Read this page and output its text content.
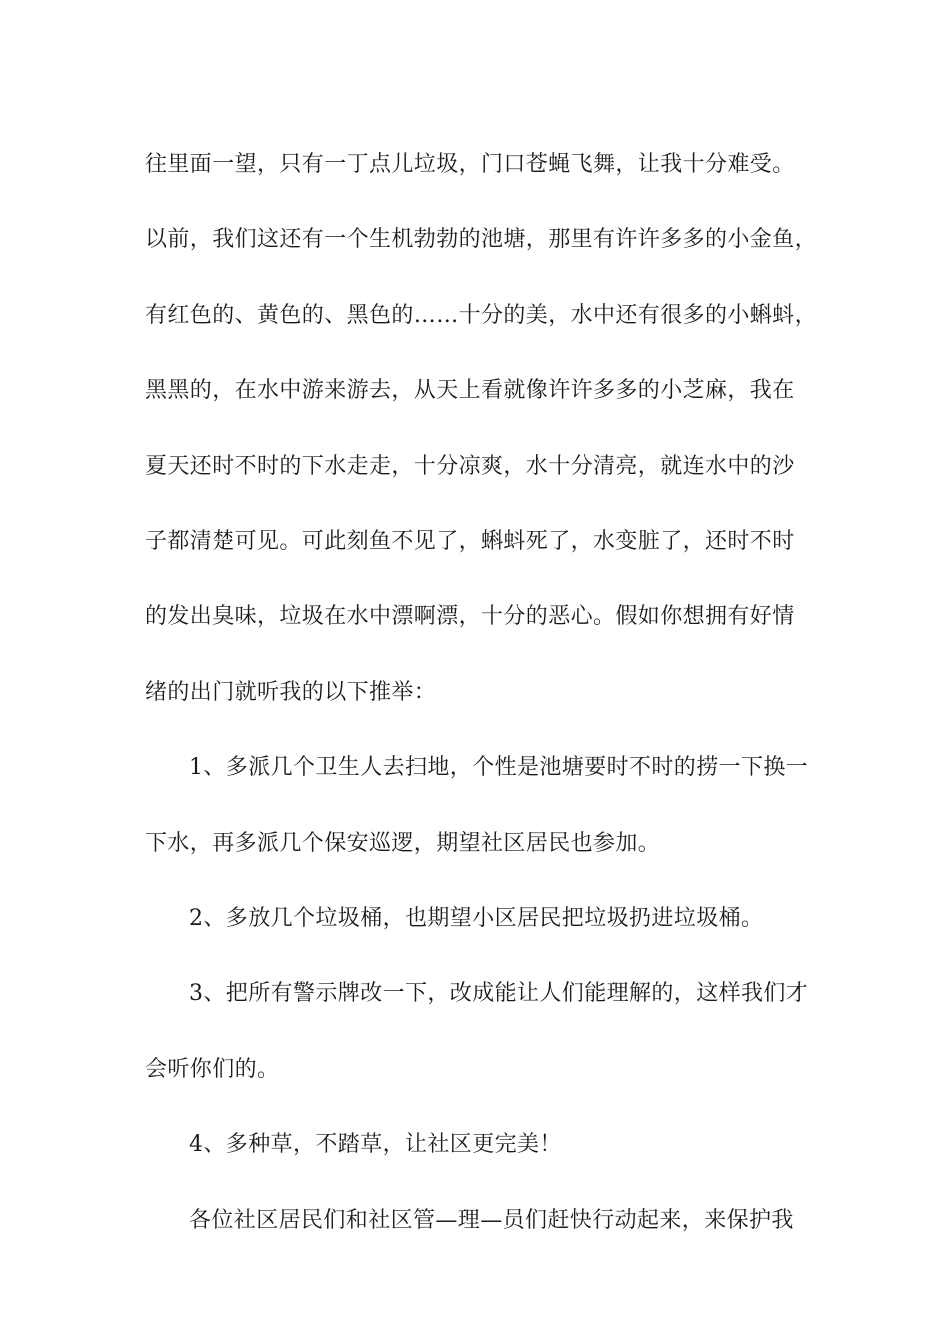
往里面一望，只有一丁点儿垃圾，门口苍蝇飞舞，让我十分难受。

以前，我们这还有一个生机勃勃的池塘，那里有许许多多的小金鱼，
有红色的、黄色的、黑色的……十分的美，水中还有很多的小蝌蚪，
黑黑的，在水中游来游去，从天上看就像许许多多的小芝麻，我在
夏天还时不时的下水走走，十分凉爽，水十分清亮，就连水中的沙
子都清楚可见。可此刻鱼不见了，蝌蚪死了，水变脏了，还时不时
的发出臭味，垃圾在水中漂啊漂，十分的恶心。假如你想拥有好情
绪的出门就听我的以下推举：

1、多派几个卫生人去扫地，个性是池塘要时不时的捞一下换一
下水，再多派几个保安巡逻，期望社区居民也参加。

2、多放几个垃圾桶，也期望小区居民把垃圾扔进垃圾桶。

3、把所有警示牌改一下，改成能让人们能理解的，这样我们才
会听你们的。

4、多种草，不踏草，让社区更完美！

各位社区居民们和社区管—理—员们赶快行动起来，来保护我
